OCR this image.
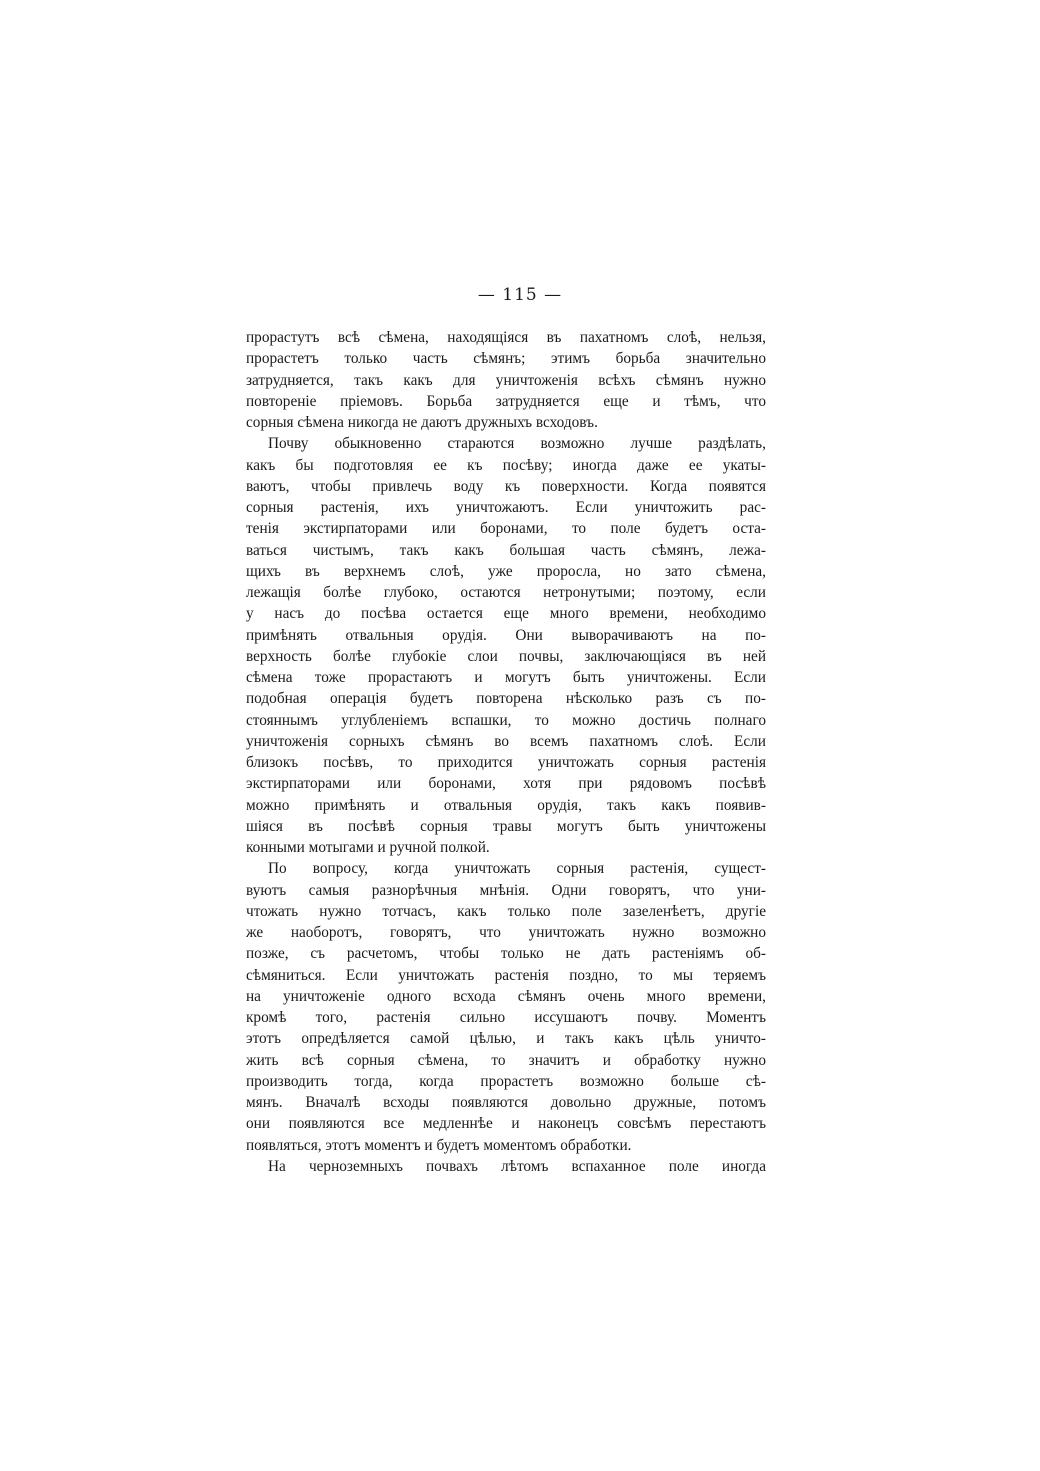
— 115 —
прорастутъ всѣ сѣмена, находящіяся въ пахатномъ слоѣ, нельзя,
прорастетъ только часть сѣмянъ; этимъ борьба значительно
затрудняется, такъ какъ для уничтоженія всѣхъ сѣмянъ нужно
повтореніе пріемовъ. Борьба затрудняется еще и тѣмъ, что
сорныя сѣмена никогда не даютъ дружныхъ всходовъ.
Почву обыкновенно стараются возможно лучше раздѣлать,
какъ бы подготовляя ее къ посѣву; иногда даже ее укаты-
ваютъ, чтобы привлечь воду къ поверхности. Когда появятся
сорныя растенія, ихъ уничтожаютъ. Если уничтожить рас-
тенія экстирпаторами или боронами, то поле будетъ оста-
ваться чистымъ, такъ какъ большая часть сѣмянъ, лежа-
щихъ въ верхнемъ слоѣ, уже проросла, но зато сѣмена,
лежащія болѣе глубоко, остаются нетронутыми; поэтому, если
у насъ до посѣва остается еще много времени, необходимо
примѣнять отвальныя орудія. Они выворачиваютъ на по-
верхность болѣе глубокіе слои почвы, заключающіяся въ ней
сѣмена тоже прорастаютъ и могутъ быть уничтожены. Если
подобная операція будетъ повторена нѣсколько разъ съ по-
стояннымъ углубленіемъ вспашки, то можно достичь полнаго
уничтоженія сорныхъ сѣмянъ во всемъ пахатномъ слоѣ. Если
близокъ посѣвъ, то приходится уничтожать сорныя растенія
экстирпаторами или боронами, хотя при рядовомъ посѣвѣ
можно примѣнять и отвальныя орудія, такъ какъ появив-
шіяся въ посѣвѣ сорныя травы могутъ быть уничтожены
конными мотыгами и ручной полкой.
По вопросу, когда уничтожать сорныя растенія, сущест-
вуютъ самыя разнорѣчныя мнѣнія. Одни говорятъ, что уни-
чтожать нужно тотчасъ, какъ только поле зазеленѣетъ, другіе
же наоборотъ, говорятъ, что уничтожать нужно возможно
позже, съ расчетомъ, чтобы только не дать растеніямъ об-
сѣмяниться. Если уничтожать растенія поздно, то мы теряемъ
на уничтоженіе одного всхода сѣмянъ очень много времени,
кромѣ того, растенія сильно иссушаютъ почву. Моментъ
этотъ опредѣляется самой цѣлью, и такъ какъ цѣль уничто-
жить всѣ сорныя сѣмена, то значитъ и обработку нужно
производить тогда, когда прорастетъ возможно больше сѣ-
мянъ. Вначалѣ всходы появляются довольно дружные, потомъ
они появляются все медленнѣе и наконецъ совсѣмъ перестаютъ
появляться, этотъ моментъ и будетъ моментомъ обработки.
На черноземныхъ почвахъ лѣтомъ вспаханное поле иногда
